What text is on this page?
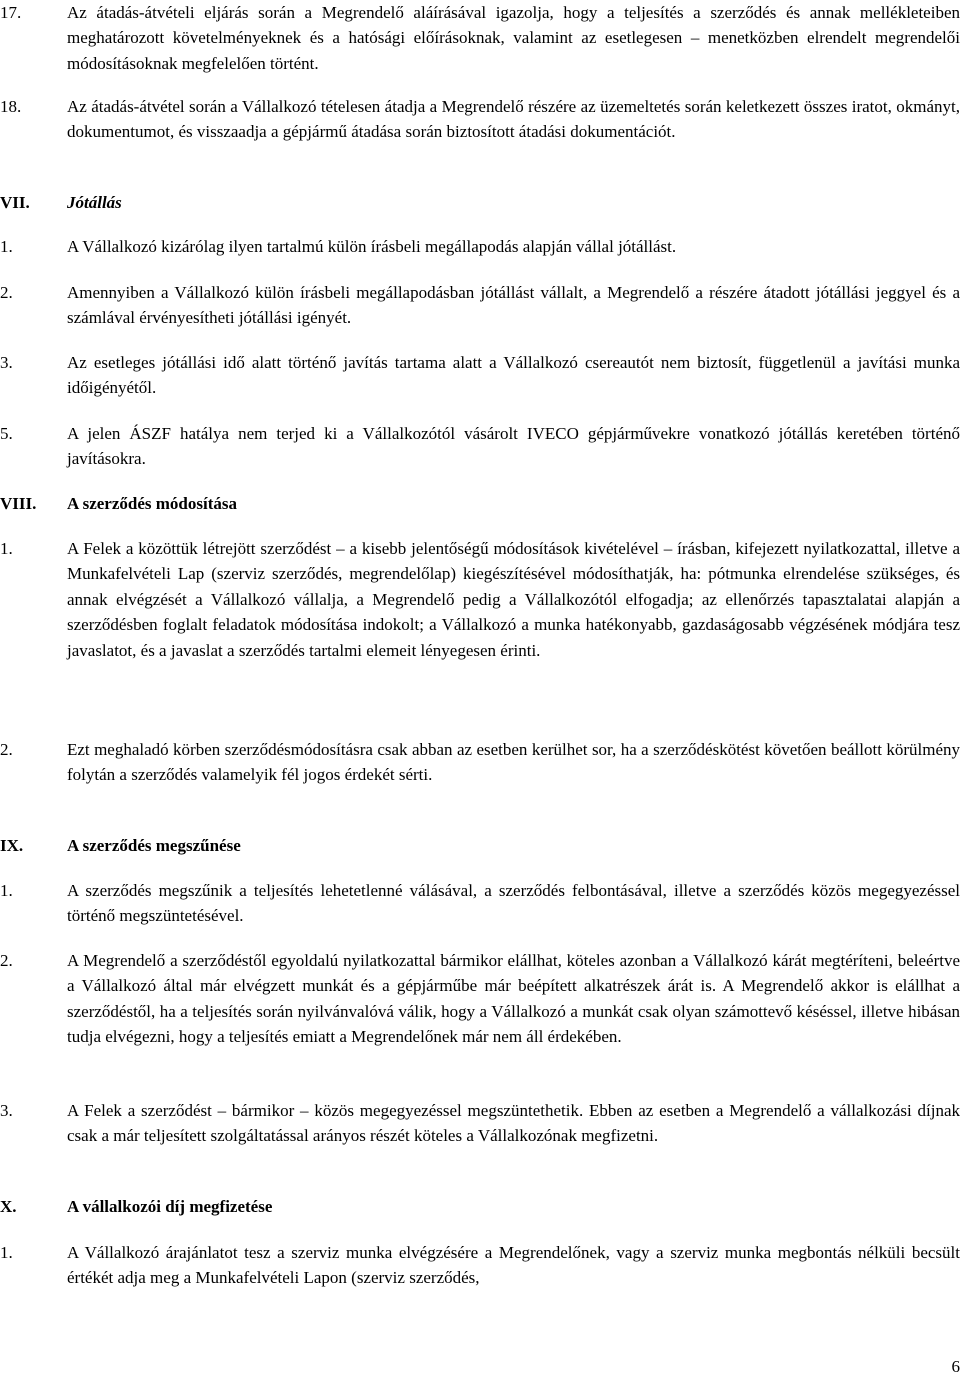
17.	Az átadás-átvételi eljárás során a Megrendelő aláírásával igazolja, hogy a teljesítés a szerződés és annak mellékleteiben meghatározott követelményeknek és a hatósági előírásoknak, valamint az esetlegesen – menetközben elrendelt megrendelői módosításoknak megfelelően történt.
18.	Az átadás-átvétel során a Vállalkozó tételesen átadja a Megrendelő részére az üzemeltetés során keletkezett összes iratot, okmányt, dokumentumot, és visszaadja a gépjármű átadása során biztosított átadási dokumentációt.
VII. Jótállás
1.	A Vállalkozó kizárólag ilyen tartalmú külön írásbeli megállapodás alapján vállal jótállást.
2.	Amennyiben a Vállalkozó külön írásbeli megállapodásban jótállást vállalt, a Megrendelő a részére átadott jótállási jeggyel és a számlával érvényesítheti jótállási igényét.
3.	Az esetleges jótállási idő alatt történő javítás tartama alatt a Vállalkozó csereautót nem biztosít, függetlenül a javítási munka időigényétől.
5.	A jelen ÁSZF hatálya nem terjed ki a Vállalkozótól vásárolt IVECO gépjárművekre vonatkozó jótállás keretében történő javításokra.
VIII. A szerződés módosítása
1.	A Felek a közöttük létrejött szerződést – a kisebb jelentőségű módosítások kivételével – írásban, kifejezett nyilatkozattal, illetve a Munkafelvételi Lap (szerviz szerződés, megrendelőlap) kiegészítésével módosíthatják, ha: pótmunka elrendelése szükséges, és annak elvégzését a Vállalkozó vállalja, a Megrendelő pedig a Vállalkozótól elfogadja; az ellenőrzés tapasztalatai alapján a szerződésben foglalt feladatok módosítása indokolt; a Vállalkozó a munka hatékonyabb, gazdaságosabb végzésének módjára tesz javaslatot, és a javaslat a szerződés tartalmi elemeit lényegesen érinti.
2.	Ezt meghaladó körben szerződésmódosításra csak abban az esetben kerülhet sor, ha a szerződéskötést követően beállott körülmény folytán a szerződés valamelyik fél jogos érdekét sérti.
IX.	A szerződés megszűnése
1.	A szerződés megszűnik a teljesítés lehetetlenné válásával, a szerződés felbontásával, illetve a szerződés közös megegyezéssel történő megszüntetésével.
2.	A Megrendelő a szerződéstől egyoldalú nyilatkozattal bármikor elállhat, köteles azonban a Vállalkozó kárát megtéríteni, beleértve a Vállalkozó által már elvégzett munkát és a gépjárműbe már beépített alkatrészek árát is. A Megrendelő akkor is elállhat a szerződéstől, ha a teljesítés során nyilvánvalóvá válik, hogy a Vállalkozó a munkát csak olyan számottevő késéssel, illetve hibásan tudja elvégezni, hogy a teljesítés emiatt a Megrendelőnek már nem áll érdekében.
3.	A Felek a szerződést – bármikor – közös megegyezéssel megszüntethetik. Ebben az esetben a Megrendelő a vállalkozási díjnak csak a már teljesített szolgáltatással arányos részét köteles a Vállalkozónak megfizetni.
X.	A vállalkozói díj megfizetése
1.	A Vállalkozó árajánlatot tesz a szerviz munka elvégzésére a Megrendelőnek, vagy a szerviz munka megbontás nélküli becsült értékét adja meg a Munkafelvételi Lapon (szerviz szerződés,
6
